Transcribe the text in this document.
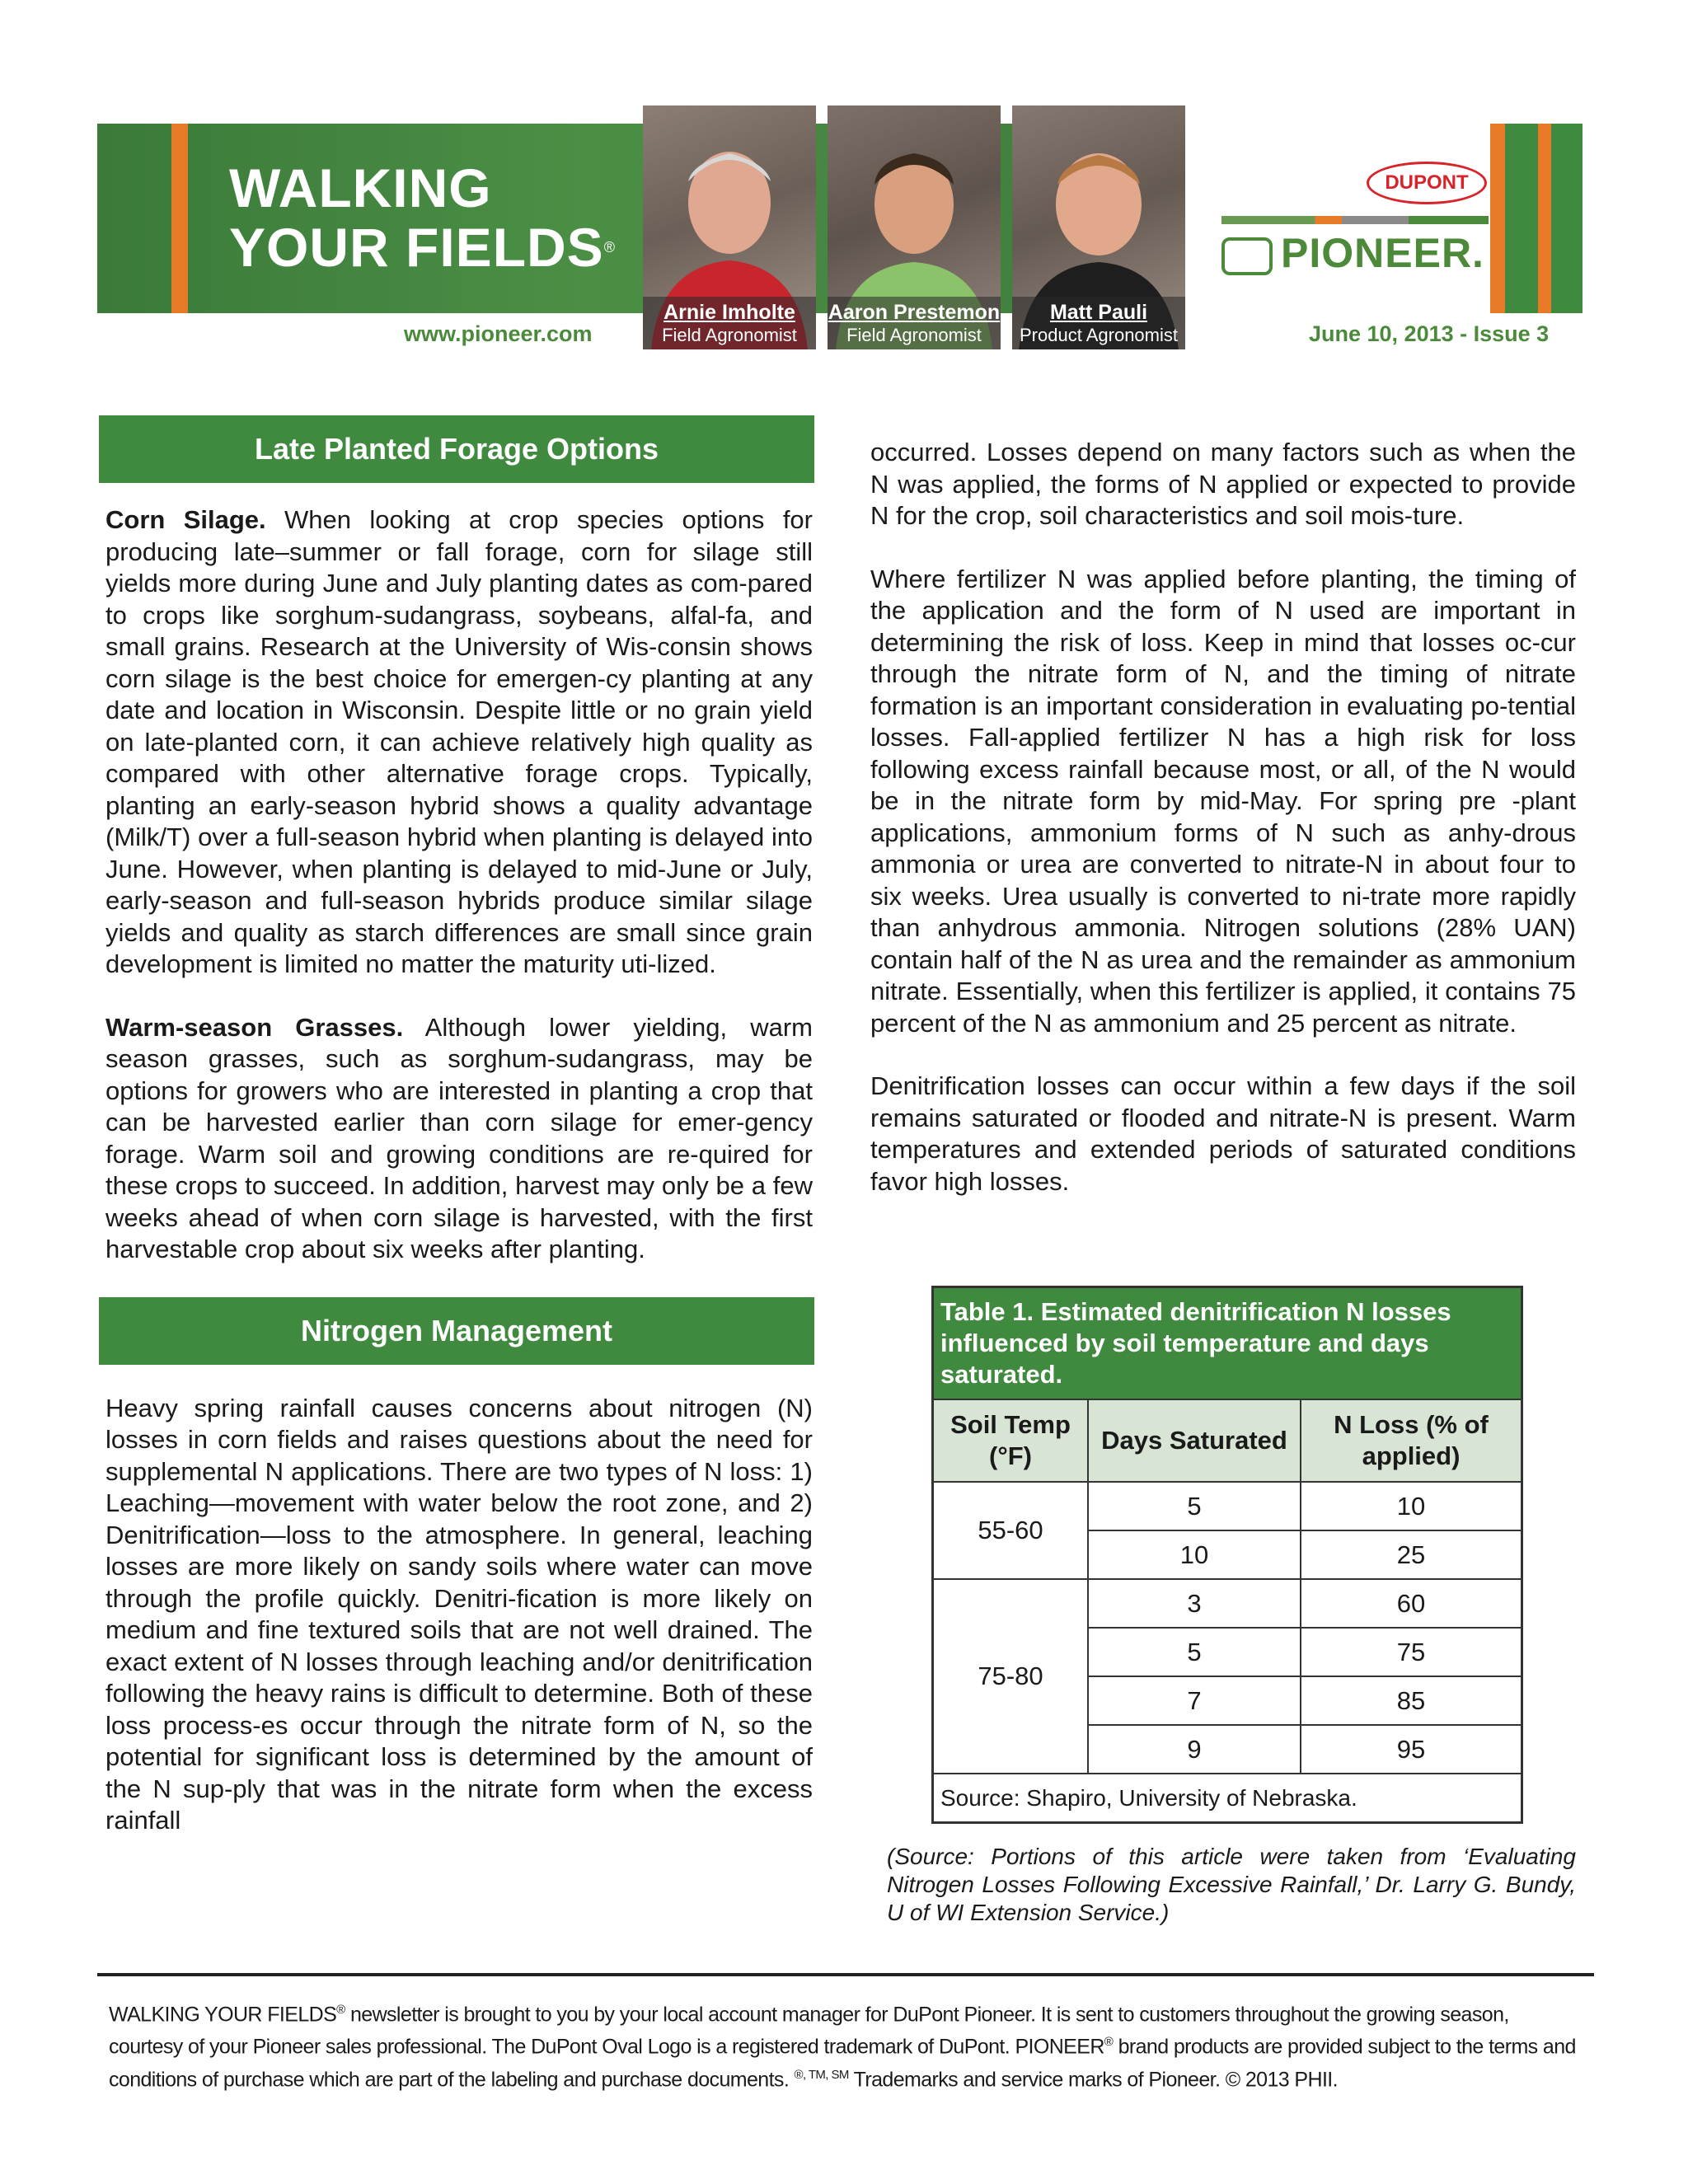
WALKING
YOUR FIELDS®
www.pioneer.com
Arnie Imholte
Field Agronomist
Aaron Prestemon
Field Agronomist
Matt Pauli
Product Agronomist
DUPONT
PIONEER.
June 10, 2013 - Issue 3
Late Planted Forage Options

Corn Silage. When looking at crop species options for producing late–summer or fall forage, corn for silage still yields more during June and July planting dates as com-pared to crops like sorghum-sudangrass, soybeans, alfal-fa, and small grains. Research at the University of Wis-consin shows corn silage is the best choice for emergen-cy planting at any date and location in Wisconsin. Despite little or no grain yield on late-planted corn, it can achieve relatively high quality as compared with other alternative forage crops. Typically, planting an early-season hybrid shows a quality advantage (Milk/T) over a full-season hybrid when planting is delayed into June. However, when planting is delayed to mid-June or July, early-season and full-season hybrids produce similar silage yields and quality as starch differences are small since grain development is limited no matter the maturity uti-lized.

Warm-season Grasses. Although lower yielding, warm season grasses, such as sorghum-sudangrass, may be options for growers who are interested in planting a crop that can be harvested earlier than corn silage for emer-gency forage. Warm soil and growing conditions are re-quired for these crops to succeed. In addition, harvest may only be a few weeks ahead of when corn silage is harvested, with the first harvestable crop about six weeks after planting.

Nitrogen Management

Heavy spring rainfall causes concerns about nitrogen (N) losses in corn fields and raises questions about the need for supplemental N applications. There are two types of N loss: 1) Leaching—movement with water below the root zone, and 2) Denitrification—loss to the atmosphere. In general, leaching losses are more likely on sandy soils where water can move through the profile quickly. Denitri-fication is more likely on medium and fine textured soils that are not well drained. The exact extent of N losses through leaching and/or denitrification following the heavy rains is difficult to determine. Both of these loss process-es occur through the nitrate form of N, so the potential for significant loss is determined by the amount of the N sup-ply that was in the nitrate form when the excess rainfall

occurred. Losses depend on many factors such as when the N was applied, the forms of N applied or expected to provide N for the crop, soil characteristics and soil mois-ture.

Where fertilizer N was applied before planting, the timing of the application and the form of N used are important in determining the risk of loss. Keep in mind that losses oc-cur through the nitrate form of N, and the timing of nitrate formation is an important consideration in evaluating po-tential losses. Fall-applied fertilizer N has a high risk for loss following excess rainfall because most, or all, of the N would be in the nitrate form by mid-May. For spring pre -plant applications, ammonium forms of N such as anhy-drous ammonia or urea are converted to nitrate-N in about four to six weeks. Urea usually is converted to ni-trate more rapidly than anhydrous ammonia. Nitrogen solutions (28% UAN) contain half of the N as urea and the remainder as ammonium nitrate. Essentially, when this fertilizer is applied, it contains 75 percent of the N as ammonium and 25 percent as nitrate.

Denitrification losses can occur within a few days if the soil remains saturated or flooded and nitrate-N is present. Warm temperatures and extended periods of saturated conditions favor high losses.

Table 1. Estimated denitrification N losses influenced by soil temperature and days saturated.		
Soil Temp (°F)	Days Saturated	N Loss (% of applied)
55-60	5	10
	10	25
75-80	3	60
	5	75
	7	85
	9	95
Source: Shapiro, University of Nebraska.		
(Source: Portions of this article were taken from ‘Evaluating Nitrogen Losses Following Excessive Rainfall,’ Dr. Larry G. Bundy, U of WI Extension Service.)
WALKING YOUR FIELDS® newsletter is brought to you by your local account manager for DuPont Pioneer. It is sent to customers throughout the growing season, courtesy of your Pioneer sales professional. The DuPont Oval Logo is a registered trademark of DuPont. PIONEER® brand products are provided subject to the terms and conditions of purchase which are part of the labeling and purchase documents. $^{®, TM, SM}$ Trademarks and service marks of Pioneer. © 2013 PHII.
